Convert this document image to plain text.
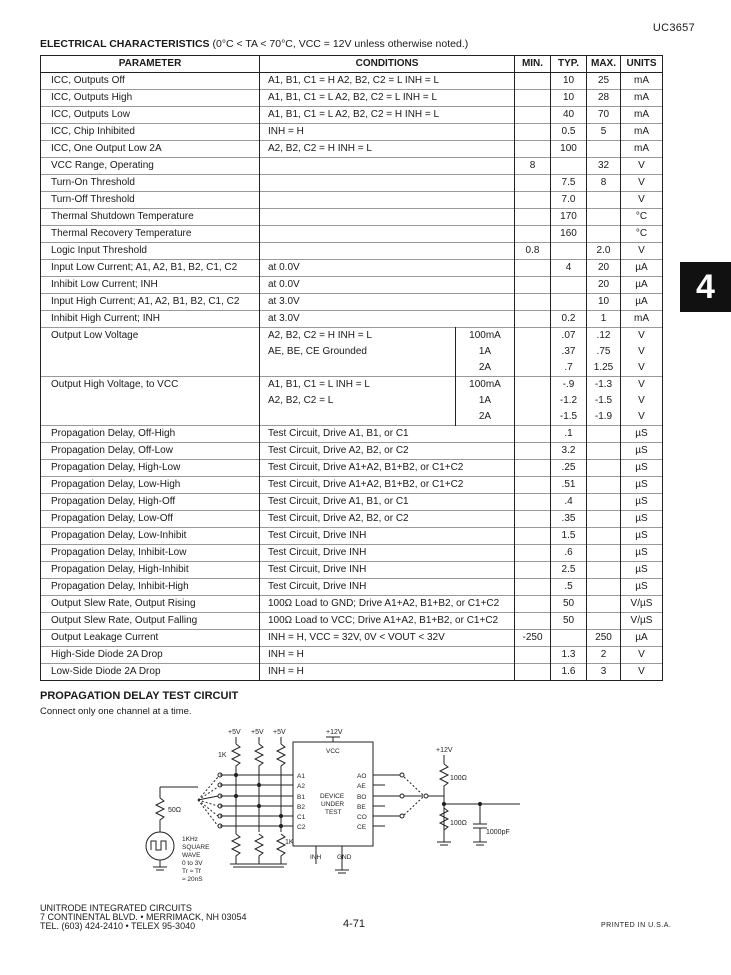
UC3657
ELECTRICAL CHARACTERISTICS (0°C < TA < 70°C, VCC = 12V unless otherwise noted.)
PARAMETER	CONDITIONS		MIN.	TYP.	MAX.	UNITS
ICC, Outputs Off	A1, B1, C1 = H A2, B2, C2 = L INH = L			10	25	mA
ICC, Outputs High	A1, B1, C1 = L A2, B2, C2 = L INH = L			10	28	mA
ICC, Outputs Low	A1, B1, C1 = L A2, B2, C2 = H INH = L			40	70	mA
ICC, Chip Inhibited	INH = H			0.5	5	mA
ICC, One Output Low 2A	A2, B2, C2 = H INH = L			100		mA
VCC Range, Operating			8		32	V
Turn-On Threshold				7.5	8	V
Turn-Off Threshold				7.0		V
Thermal Shutdown Temperature				170		°C
Thermal Recovery Temperature				160		°C
Logic Input Threshold			0.8		2.0	V
Input Low Current; A1, A2, B1, B2, C1, C2	at 0.0V			4	20	µA
Inhibit Low Current; INH	at 0.0V				20	µA
Input High Current; A1, A2, B1, B2, C1, C2	at 3.0V				10	µA
Inhibit High Current; INH	at 3.0V			0.2	1	mA
Output Low Voltage	A2, B2, C2 = H INH = L	100mA		.07	.12	V
	AE, BE, CE Grounded	1A		.37	.75	V
		2A		.7	1.25	V
Output High Voltage, to VCC	A1, B1, C1 = L INH = L	100mA		-.9	-1.3	V
	A2, B2, C2 = L	1A		-1.2	-1.5	V
		2A		-1.5	-1.9	V
Propagation Delay, Off-High	Test Circuit, Drive A1, B1, or C1			.1		µS
Propagation Delay, Off-Low	Test Circuit, Drive A2, B2, or C2			3.2		µS
Propagation Delay, High-Low	Test Circuit, Drive A1+A2, B1+B2, or C1+C2			.25		µS
Propagation Delay, Low-High	Test Circuit, Drive A1+A2, B1+B2, or C1+C2			.51		µS
Propagation Delay, High-Off	Test Circuit, Drive A1, B1, or C1			.4		µS
Propagation Delay, Low-Off	Test Circuit, Drive A2, B2, or C2			.35		µS
Propagation Delay, Low-Inhibit	Test Circuit, Drive INH			1.5		µS
Propagation Delay, Inhibit-Low	Test Circuit, Drive INH			.6		µS
Propagation Delay, High-Inhibit	Test Circuit, Drive INH			2.5		µS
Propagation Delay, Inhibit-High	Test Circuit, Drive INH			.5		µS
Output Slew Rate, Output Rising	100Ω Load to GND; Drive A1+A2, B1+B2, or C1+C2			50		V/µS
Output Slew Rate, Output Falling	100Ω Load to VCC; Drive A1+A2, B1+B2, or C1+C2			50		V/µS
Output Leakage Current	INH = H, VCC = 32V, 0V < VOUT < 32V		-250		250	µA
High-Side Diode 2A Drop	INH = H			1.3	2	V
Low-Side Diode 2A Drop	INH = H			1.6	3	V
4
PROPAGATION DELAY TEST CIRCUIT
Connect only one channel at a time.
+5V +5V +5V	+12V
1K
VCC
A1
A2
B1
B2
C1
C2
AO
AE
BO
BE
CO
CE
DEVICE
UNDER
TEST
INH GND
50Ω
1KHz
SQUARE
WAVE
0 to 3V
Tr ≈ Tf
≈ 20nS
1K
+12V
100Ω
100Ω
1000pF
UNITRODE INTEGRATED CIRCUITS
7 CONTINENTAL BLVD. • MERRIMACK, NH 03054
TEL. (603) 424-2410 • TELEX 95-3040	4-71	PRINTED IN U.S.A.
